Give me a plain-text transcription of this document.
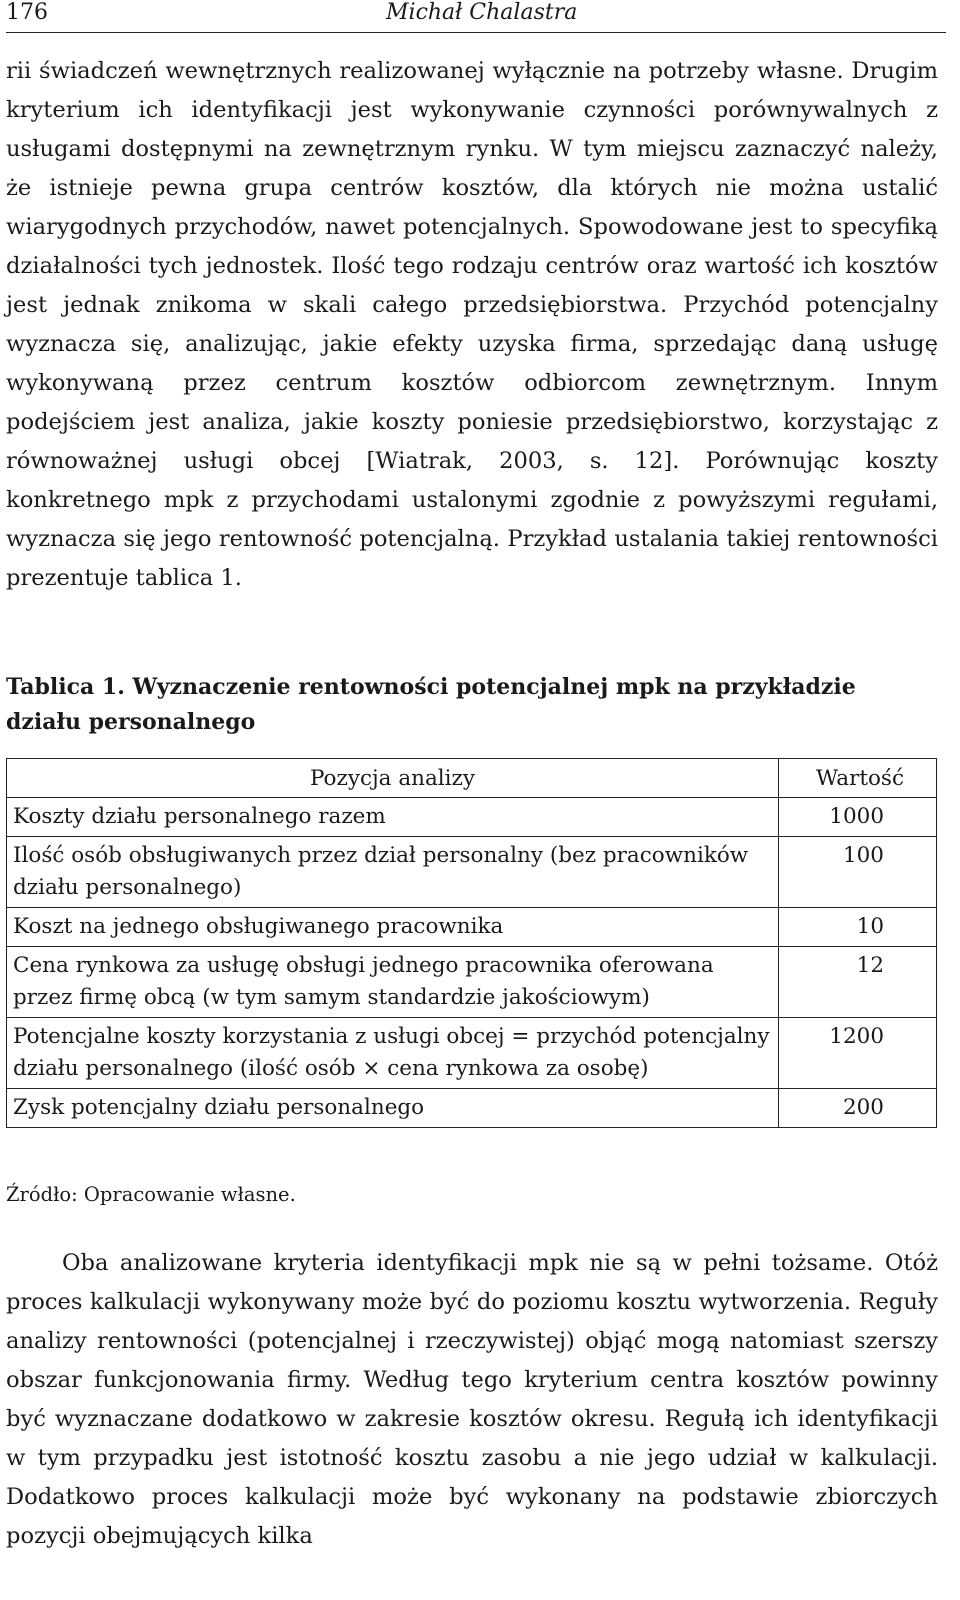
176	Michał Chalastra

rii świadczeń wewnętrznych realizowanej wyłącznie na potrzeby własne. Drugim kryterium ich identyfikacji jest wykonywanie czynności porównywalnych z usługami dostępnymi na zewnętrznym rynku. W tym miejscu zaznaczyć należy, że istnieje pewna grupa centrów kosztów, dla których nie można ustalić wiarygodnych przychodów, nawet potencjalnych. Spowodowane jest to specyfiką działalności tych jednostek. Ilość tego rodzaju centrów oraz wartość ich kosztów jest jednak znikoma w skali całego przedsiębiorstwa. Przychód potencjalny wyznacza się, analizując, jakie efekty uzyska firma, sprzedając daną usługę wykonywaną przez centrum kosztów odbiorcom zewnętrznym. Innym podejściem jest analiza, jakie koszty poniesie przedsiębiorstwo, korzystając z równoważnej usługi obcej [Wiatrak, 2003, s. 12]. Porównując koszty konkretnego mpk z przychodami ustalonymi zgodnie z powyższymi regułami, wyznacza się jego rentowność potencjalną. Przykład ustalania takiej rentowności prezentuje tablica 1.

Tablica 1. Wyznaczenie rentowności potencjalnej mpk na przykładzie działu personalnego

Pozycja analizy	Wartość
Koszty działu personalnego razem	1000
Ilość osób obsługiwanych przez dział personalny (bez pracowników działu personalnego)	100
Koszt na jednego obsługiwanego pracownika	10
Cena rynkowa za usługę obsługi jednego pracownika oferowana przez firmę obcą (w tym samym standardzie jakościowym)	12
Potencjalne koszty korzystania z usługi obcej = przychód potencjalny działu personalnego (ilość osób × cena rynkowa za osobę)	1200
Zysk potencjalny działu personalnego	200

Źródło: Opracowanie własne.

Oba analizowane kryteria identyfikacji mpk nie są w pełni tożsame. Otóż proces kalkulacji wykonywany może być do poziomu kosztu wytworzenia. Reguły analizy rentowności (potencjalnej i rzeczywistej) objąć mogą natomiast szerszy obszar funkcjonowania firmy. Według tego kryterium centra kosztów powinny być wyznaczane dodatkowo w zakresie kosztów okresu. Regułą ich identyfikacji w tym przypadku jest istotność kosztu zasobu a nie jego udział w kalkulacji. Dodatkowo proces kalkulacji może być wykonany na podstawie zbiorczych pozycji obejmujących kilka
